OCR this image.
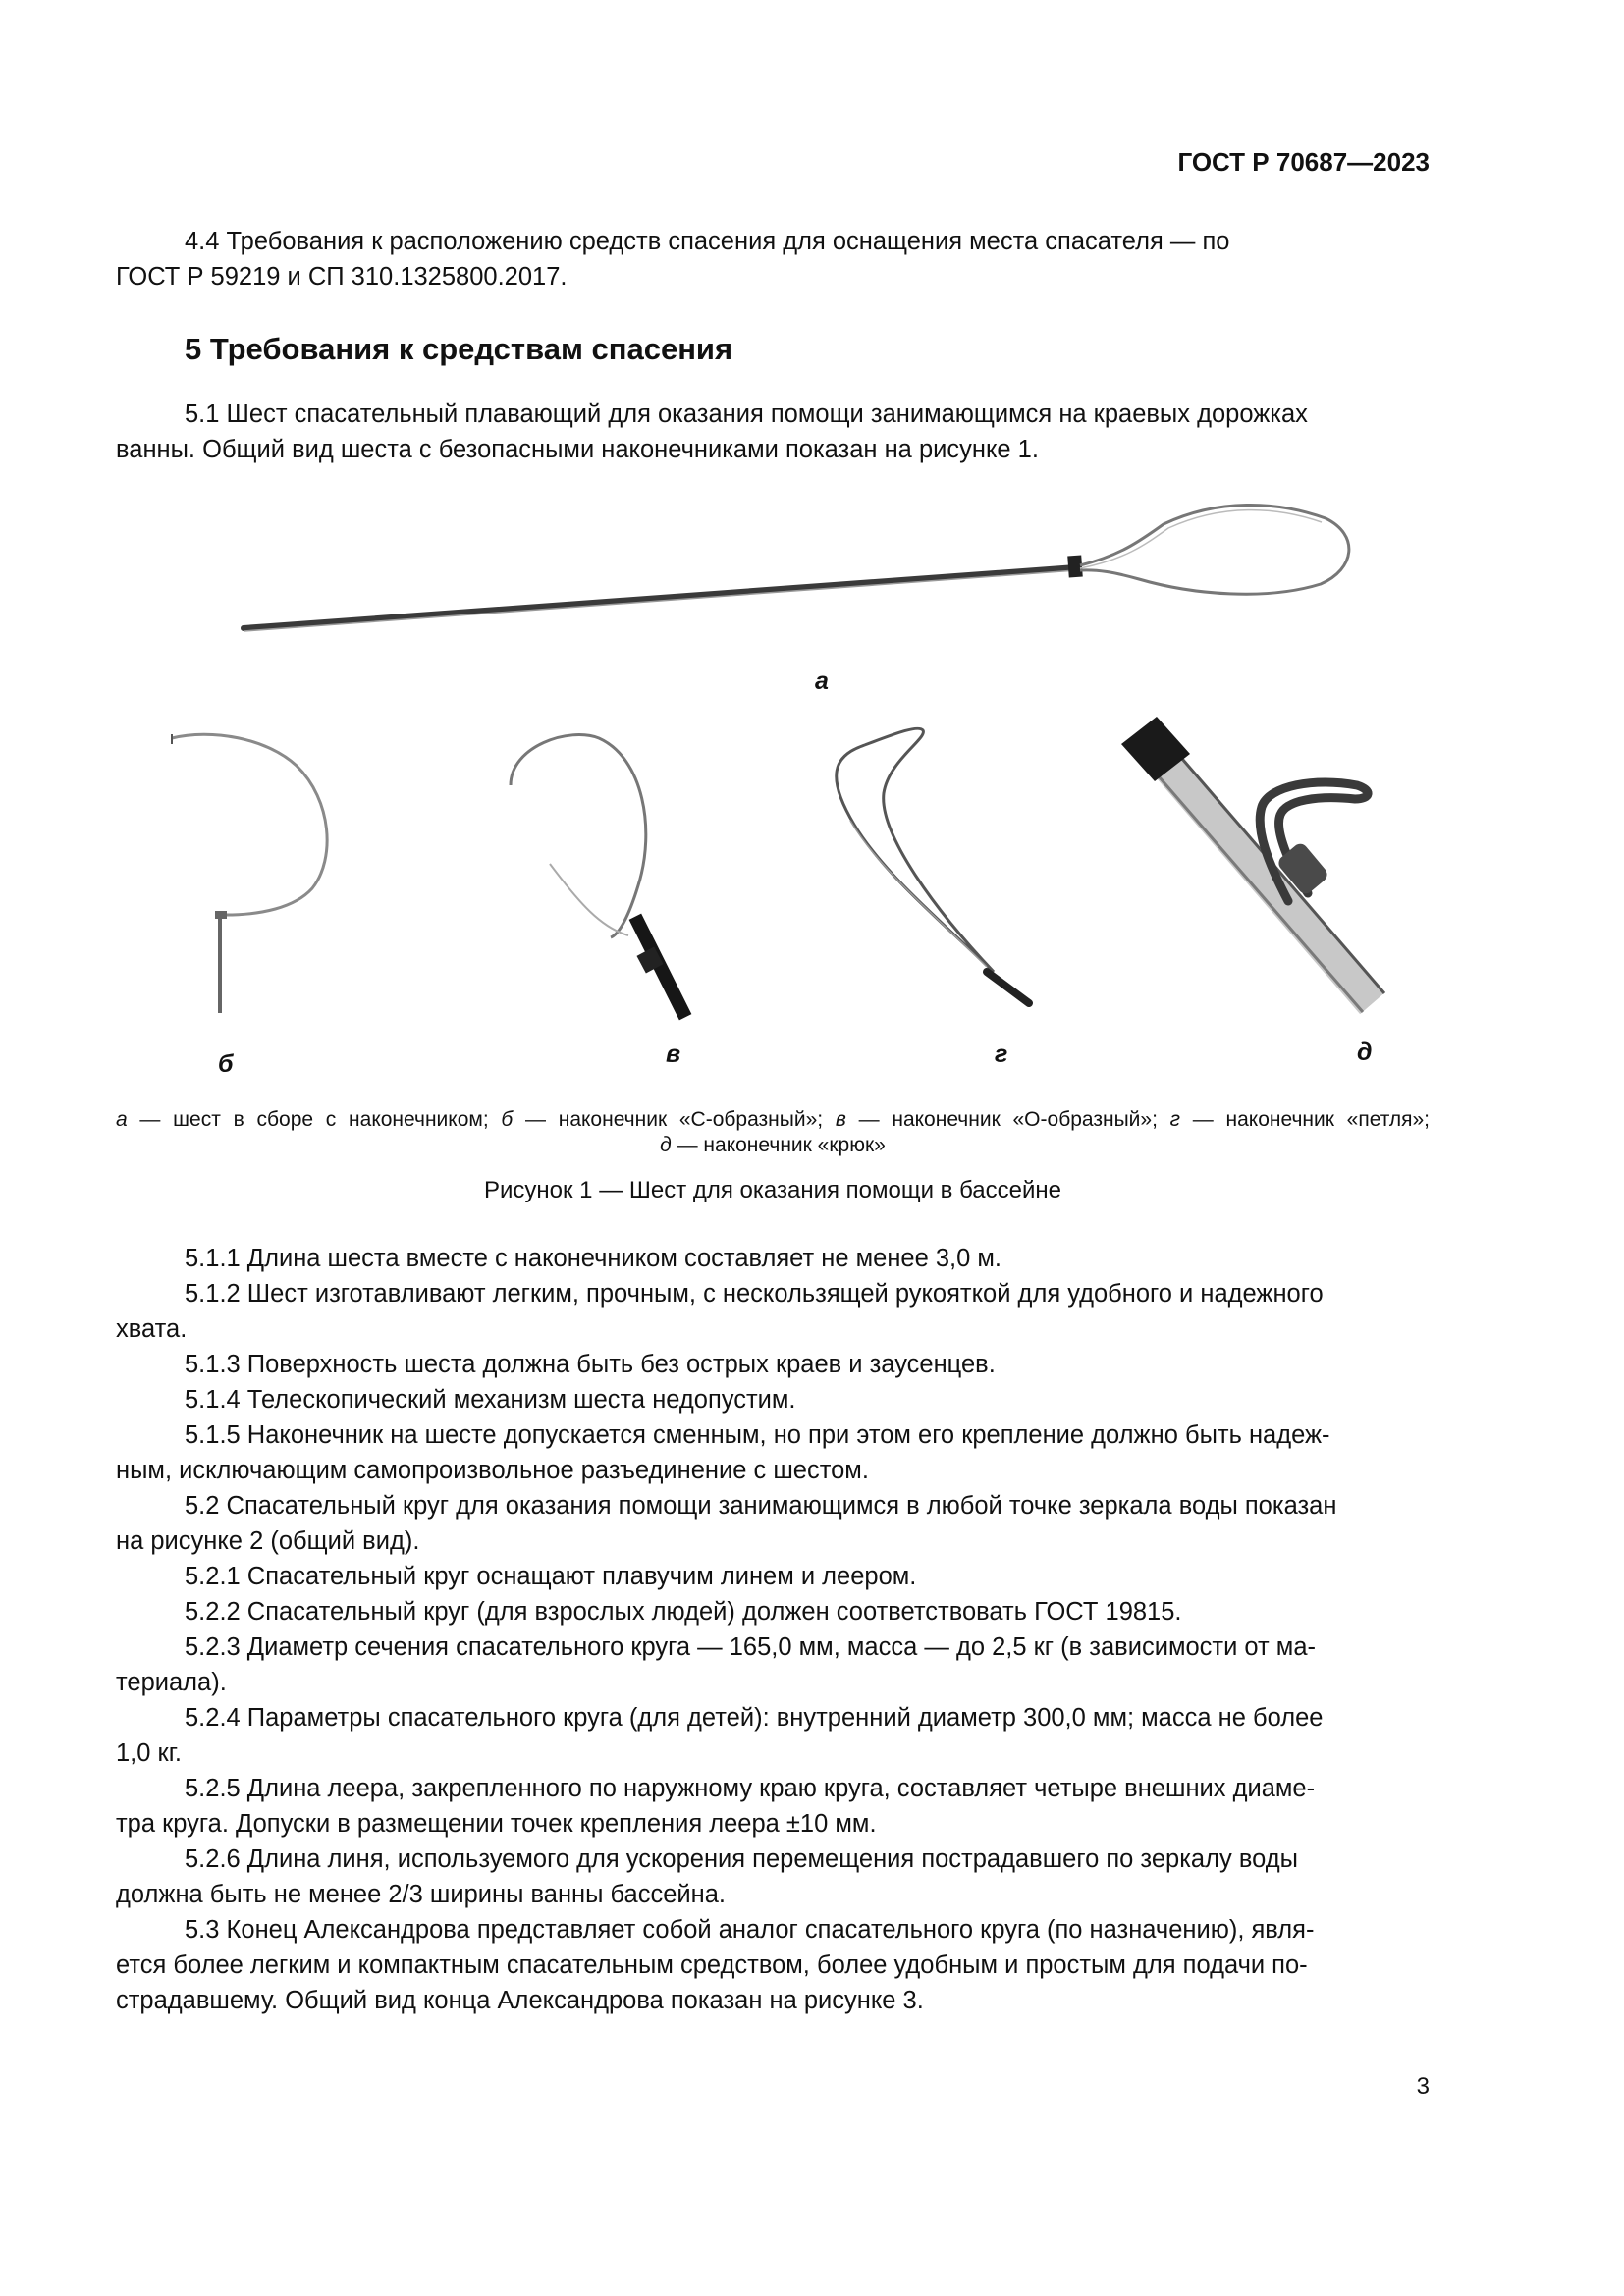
ГОСТ Р 70687—2023
4.4 Требования к расположению средств спасения для оснащения места спасателя — по
ГОСТ Р 59219 и СП 310.1325800.2017.
5 Требования к средствам спасения
5.1 Шест спасательный плавающий для оказания помощи занимающимся на краевых дорожках
ванны. Общий вид шеста с безопасными наконечниками показан на рисунке 1.
а
б	в	г	д
а — шест в сборе с наконечником; б — наконечник «С-образный»; в — наконечник «О-образный»; г — наконечник «петля»;
д — наконечник «крюк»
Рисунок 1 — Шест для оказания помощи в бассейне
5.1.1 Длина шеста вместе с наконечником составляет не менее 3,0 м.
5.1.2 Шест изготавливают легким, прочным, с нескользящей рукояткой для удобного и надежного
хвата.
5.1.3 Поверхность шеста должна быть без острых краев и заусенцев.
5.1.4 Телескопический механизм шеста недопустим.
5.1.5 Наконечник на шесте допускается сменным, но при этом его крепление должно быть надеж-
ным, исключающим самопроизвольное разъединение с шестом.
5.2 Спасательный круг для оказания помощи занимающимся в любой точке зеркала воды показан
на рисунке 2 (общий вид).
5.2.1 Спасательный круг оснащают плавучим линем и леером.
5.2.2 Спасательный круг (для взрослых людей) должен соответствовать ГОСТ 19815.
5.2.3 Диаметр сечения спасательного круга — 165,0 мм, масса — до 2,5 кг (в зависимости от ма-
териала).
5.2.4 Параметры спасательного круга (для детей): внутренний диаметр 300,0 мм; масса не более
1,0 кг.
5.2.5 Длина леера, закрепленного по наружному краю круга, составляет четыре внешних диаме-
тра круга. Допуски в размещении точек крепления леера ±10 мм.
5.2.6 Длина линя, используемого для ускорения перемещения пострадавшего по зеркалу воды
должна быть не менее 2/3 ширины ванны бассейна.
5.3 Конец Александрова представляет собой аналог спасательного круга (по назначению), явля-
ется более легким и компактным спасательным средством, более удобным и простым для подачи по-
страдавшему. Общий вид конца Александрова показан на рисунке 3.
3
